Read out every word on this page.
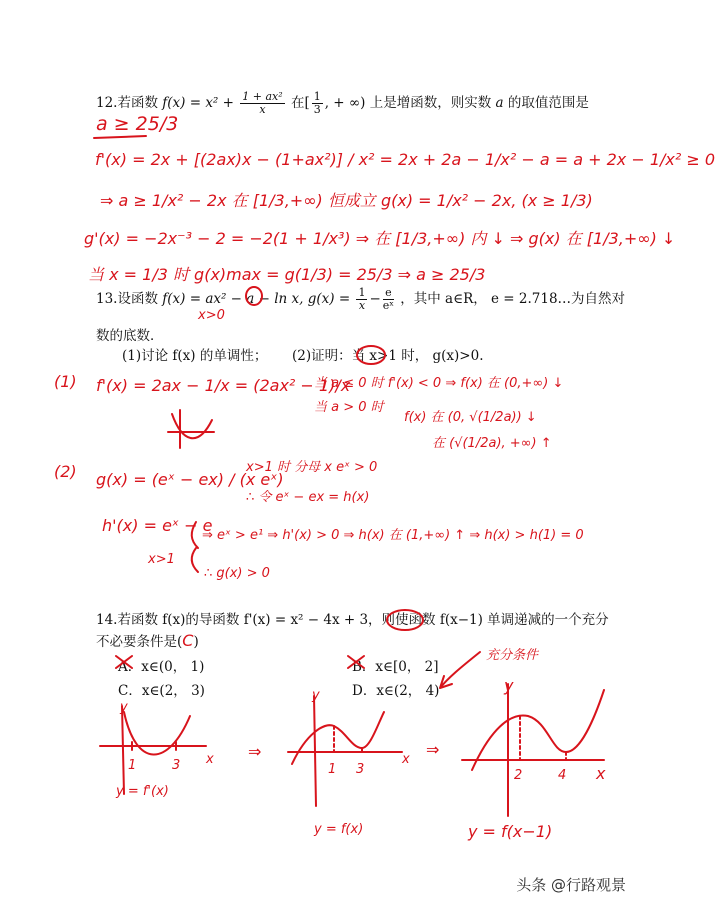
12.若函数 $f(x) = x^2 + \frac{\text{1 + ax²}}{x}$ 在[ $\frac{1}{3}$ , + ∞) 上是增函数，则实数 a 的取值范围是
a ≥ 25/3
f'(x) = 2x + [(2ax)x − (1+ax²)] / x² = 2x + 2a − 1/x² − a = a + 2x − 1/x² ≥ 0
⇒ a ≥ 1/x² − 2x 在 [1/3,+∞) 恒成立 g(x) = 1/x² − 2x, (x ≥ 1/3)
g'(x) = −2x⁻³ − 2 = −2(1 + 1/x³) ⇒ 在 [1/3,+∞) 内 ↓ ⇒ g(x) 在 [1/3,+∞) ↓
当 x = 1/3 时 g(x)max = g(1/3) = 25/3 ⇒ a ≥ 25/3
13.设函数 f(x) = ax² − a − ln x, $g(x) = \frac{1}{x} - \frac{e}{\text{eˣ}}$ ，其中 a∈R， e = 2.718…为自然对
x>0
数的底数．
(1)讨论 f(x) 的单调性； (2)证明：当 x>1 时， g(x)>0.
(1) f'(x) = 2ax − 1/x = (2ax² − 1)/x
当 a ≤ 0 时 f'(x) < 0 ⇒ f(x) 在 (0,+∞) ↓
当 a > 0 时
f(x) 在 (0, √(1/2a)) ↓
在 (√(1/2a), +∞) ↑
(2) g(x) = (eˣ − ex) / (x eˣ)
x>1 时 分母 x eˣ > 0
∴ 令 eˣ − ex = h(x)
h'(x) = eˣ − e
x>1
⇒ eˣ > e¹ ⇒ h'(x) > 0 ⇒ h(x) 在 (1,+∞) ↑ ⇒ h(x) > h(1) = 0
∴ g(x) > 0
14.若函数 f(x)的导函数 f'(x) = x² − 4x + 3，则使函数 f(x−1) 单调递减的一个充分
不必要条件是(C)
A．x∈(0， 1)	B．x∈[0， 2]
C．x∈(2， 3)	D．x∈(2， 4)
充分条件
y = f'(x)
y
x
1	3
⇒
y = f(x)
y
x
1 3
⇒
y = f(x−1)
y
x
2	4
头条 @行路观景
